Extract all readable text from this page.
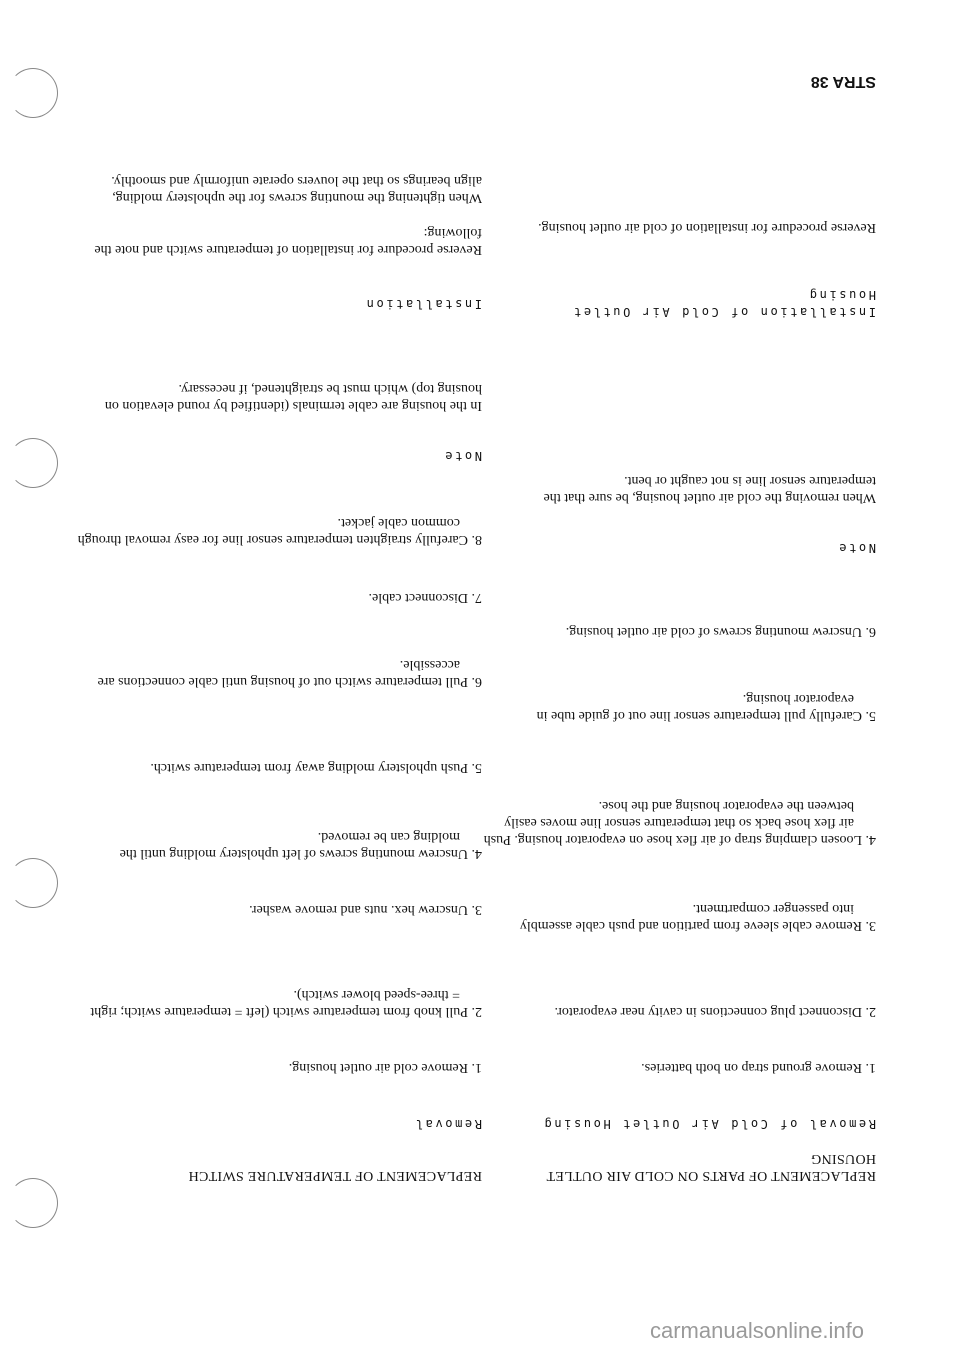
REPLACEMENT OF PARTS ON COLD AIR OUTLET HOUSING
Removal of Cold Air Outlet Housing
1. Remove ground strap on both batteries.
2. Disconnect plug connections in cavity near evaporator.
3. Remove cable sleeve from partition and push cable assembly into passenger compartment.
4. Loosen clamping strap of air flex hose on evaporator housing. Push air flex hose back so that temperature sensor line moves easily between the evaporator housing and the hose.
5. Carefully pull temperature sensor line out of guide tube in evaporator housing.
6. Unscrew mounting screws of cold air outlet housing.
Note
When removing the cold air outlet housing, be sure that the temperature sensor line is not caught or bent.
Installation of Cold Air Outlet Housing
Reverse procedure for installation of cold air outlet housing.
REPLACEMENT OF TEMPERATURE SWITCH
Removal
1. Remove cold air outlet housing.
2. Pull knob from temperature switch (left = temperature switch; right = three-speed blower switch).
3. Unscrew hex. nuts and remove washer.
4. Unscrew mounting screws of left upholstery molding until the molding can be removed.
5. Push upholstery molding away from temperature switch.
6. Pull temperature switch out of housing until cable connections are accessible.
7. Disconnect cable.
8. Carefully straighten temperature sensor line for easy removal through common cable jacket.
Note
In the housing are cable terminals (identified by round elevation on housing top) which must be straightened, if necessary.
Installation
Reverse procedure for installation of temperature switch and note the following:
When tightening the mounting screws for the upholstery molding, align bearings so that the louvers operate uniformly and smoothly.
STRA 38
carmanualsonline.info
